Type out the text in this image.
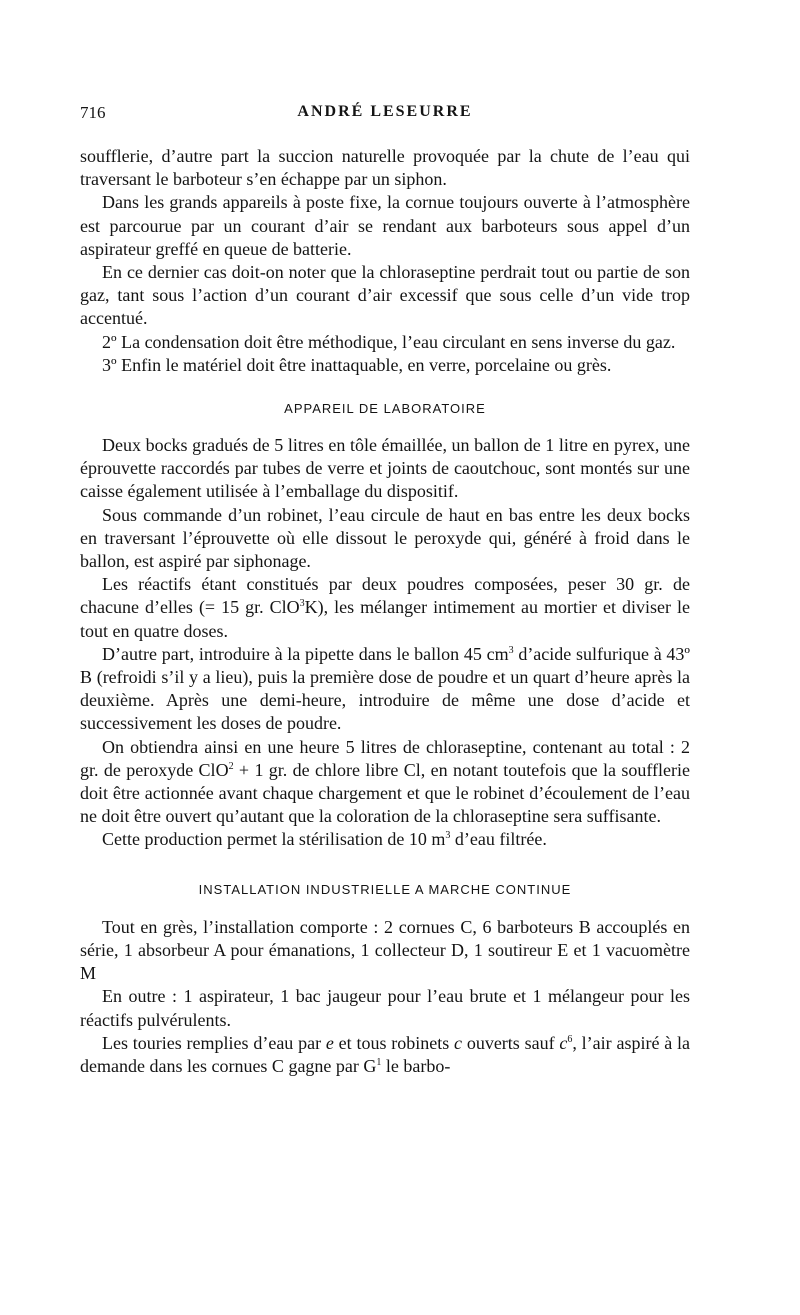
716	ANDRÉ LESEURRE

soufflerie, d’autre part la succion naturelle provoquée par la chute de l’eau qui traversant le barboteur s’en échappe par un siphon.

Dans les grands appareils à poste fixe, la cornue toujours ouverte à l’atmosphère est parcourue par un courant d’air se rendant aux barboteurs sous appel d’un aspirateur greffé en queue de batterie.

En ce dernier cas doit-on noter que la chloraseptine perdrait tout ou partie de son gaz, tant sous l’action d’un courant d’air excessif que sous celle d’un vide trop accentué.

2º La condensation doit être méthodique, l’eau circulant en sens inverse du gaz.

3º Enfin le matériel doit être inattaquable, en verre, porcelaine ou grès.

APPAREIL DE LABORATOIRE

Deux bocks gradués de 5 litres en tôle émaillée, un ballon de 1 litre en pyrex, une éprouvette raccordés par tubes de verre et joints de caoutchouc, sont montés sur une caisse également utilisée à l’emballage du dispositif.

Sous commande d’un robinet, l’eau circule de haut en bas entre les deux bocks en traversant l’éprouvette où elle dissout le peroxyde qui, généré à froid dans le ballon, est aspiré par siphonage.

Les réactifs étant constitués par deux poudres composées, peser 30 gr. de chacune d’elles (= 15 gr. ClO$^3$K), les mélanger intimement au mortier et diviser le tout en quatre doses.

D’autre part, introduire à la pipette dans le ballon 45 $cm^3$ d’acide sulfurique à 43º B (refroidi s’il y a lieu), puis la première dose de poudre et un quart d’heure après la deuxième. Après une demi-heure, introduire de même une dose d’acide et successivement les doses de poudre.

On obtiendra ainsi en une heure 5 litres de chloraseptine, contenant au total : 2 gr. de peroxyde ClO$^2$ + 1 gr. de chlore libre Cl, en notant toutefois que la soufflerie doit être actionnée avant chaque chargement et que le robinet d’écoulement de l’eau ne doit être ouvert qu’autant que la coloration de la chloraseptine sera suffisante.

Cette production permet la stérilisation de 10 $m^3$ d’eau filtrée.

INSTALLATION INDUSTRIELLE A MARCHE CONTINUE

Tout en grès, l’installation comporte : 2 cornues C, 6 barboteurs B accouplés en série, 1 absorbeur A pour émanations, 1 collecteur D, 1 soutireur E et 1 vacuomètre M

En outre : 1 aspirateur, 1 bac jaugeur pour l’eau brute et 1 mélangeur pour les réactifs pulvérulents.

Les touries remplies d’eau par e et tous robinets c ouverts sauf $c^6$, l’air aspiré à la demande dans les cornues C gagne par $G^1$ le barbo-
